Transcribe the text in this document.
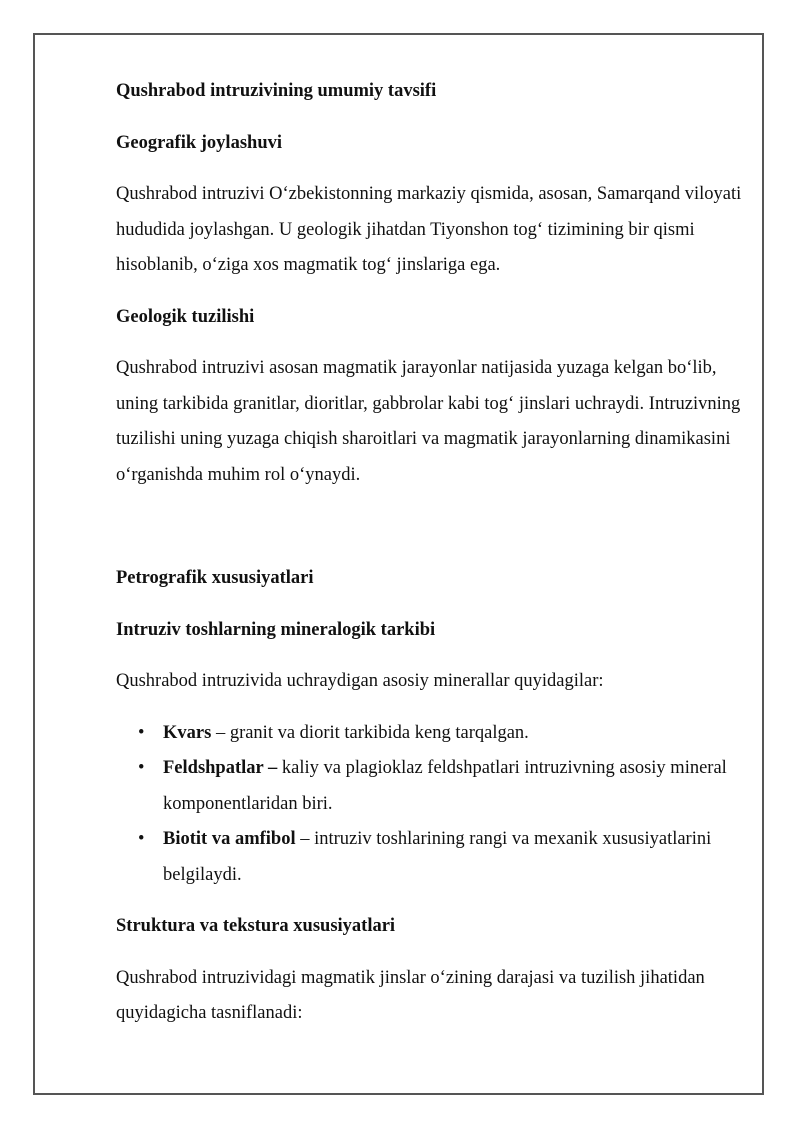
Qushrabod intruzivining umumiy tavsifi

Geografik joylashuvi

Qushrabod intruzivi O‘zbekistonning markaziy qismida, asosan, Samarqand viloyati hududida joylashgan. U geologik jihatdan Tiyonshon tog‘ tizimining bir qismi hisoblanib, o‘ziga xos magmatik tog‘ jinslariga ega.

Geologik tuzilishi

Qushrabod intruzivi asosan magmatik jarayonlar natijasida yuzaga kelgan bo‘lib, uning tarkibida granitlar, dioritlar, gabbrolar kabi tog‘ jinslari uchraydi. Intruzivning tuzilishi uning yuzaga chiqish sharoitlari va magmatik jarayonlarning dinamikasini o‘rganishda muhim rol o‘ynaydi.

Petrografik xususiyatlari

Intruziv toshlarning mineralogik tarkibi

Qushrabod intruzivida uchraydigan asosiy minerallar quyidagilar:

• Kvars – granit va diorit tarkibida keng tarqalgan.
• Feldshpatlar – kaliy va plagioklaz feldshpatlari intruzivning asosiy mineral komponentlaridan biri.
• Biotit va amfibol – intruziv toshlarining rangi va mexanik xususiyatlarini belgilaydi.

Struktura va tekstura xususiyatlari

Qushrabod intruzividagi magmatik jinslar o‘zining darajasi va tuzilish jihatidan quyidagicha tasniflanadi:
